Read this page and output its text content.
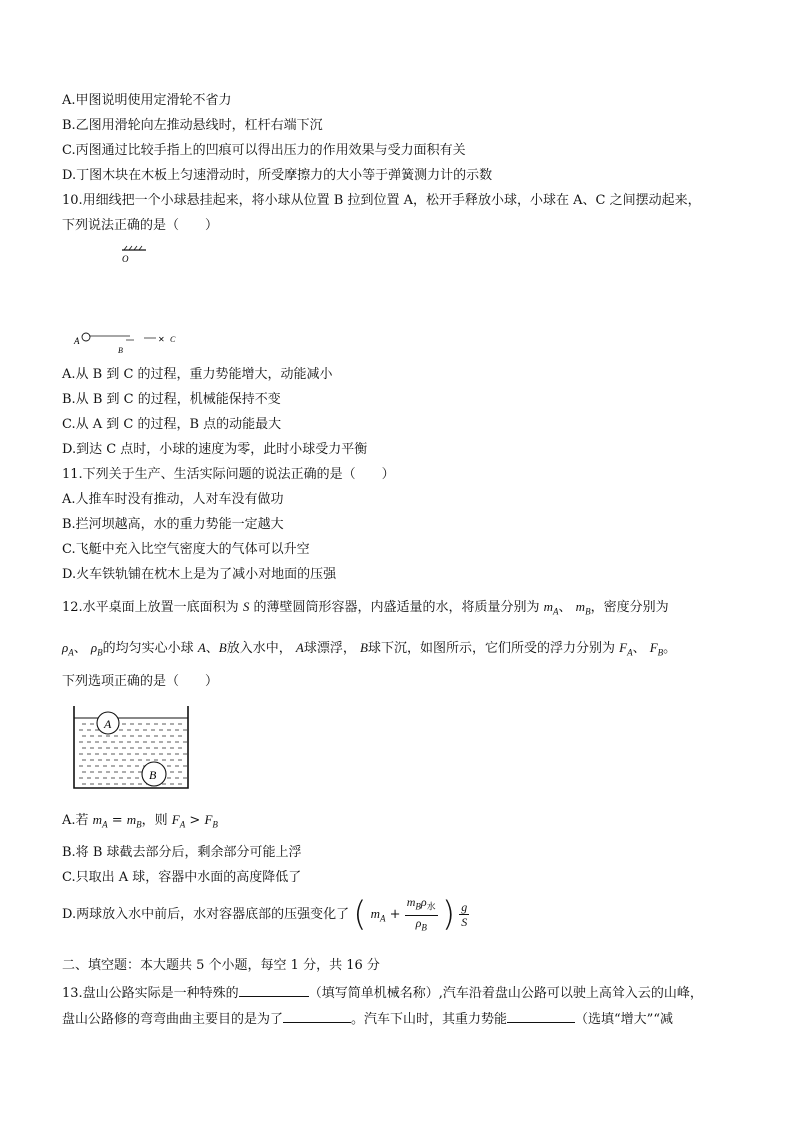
A.甲图说明使用定滑轮不省力
B.乙图用滑轮向左推动悬线时，杠杆右端下沉
C.丙图通过比较手指上的凹痕可以得出压力的作用效果与受力面积有关
D.丁图木块在木板上匀速滑动时，所受摩擦力的大小等于弹簧测力计的示数
10.用细线把一个小球悬挂起来，将小球从位置 B 拉到位置 A，松开手释放小球，小球在 A、C 之间摆动起来，
下列说法正确的是（　　）
O
A
B
✕ C
A.从 B 到 C 的过程，重力势能增大，动能减小
B.从 B 到 C 的过程，机械能保持不变
C.从 A 到 C 的过程，B 点的动能最大
D.到达 C 点时，小球的速度为零，此时小球受力平衡
11.下列关于生产、生活实际问题的说法正确的是（　　）
A.人推车时没有推动，人对车没有做功
B.拦河坝越高，水的重力势能一定越大
C.飞艇中充入比空气密度大的气体可以升空
D.火车铁轨铺在枕木上是为了减小对地面的压强
12.水平桌面上放置一底面积为 S 的薄壁圆筒形容器，内盛适量的水，将质量分别为 $m_A$、 $m_B$，密度分别为
$\rho_A$、 $\rho_B$的均匀实心小球 A、B放入水中， A球漂浮， B球下沉，如图所示，它们所受的浮力分别为 $F_A$、 $F_B$。
下列选项正确的是（　　）
A
B
A.若 $m_A = m_B$，则 $F_A > F_B$
B.将 B 球截去部分后，剩余部分可能上浮
C.只取出 A 球，容器中水面的高度降低了
D.两球放入水中前后，水对容器底部的压强变化了 ( $m_A + \frac{m_B\rho_水}{\rho_B}$ ) $\frac{g}{S}$
二、填空题：本大题共 5 个小题，每空 1 分，共 16 分
13.盘山公路实际是一种特殊的	（填写简单机械名称）,汽车沿着盘山公路可以驶上高耸入云的山峰，
盘山公路修的弯弯曲曲主要目的是为了	。汽车下山时，其重力势能	（选填“增大”“减
